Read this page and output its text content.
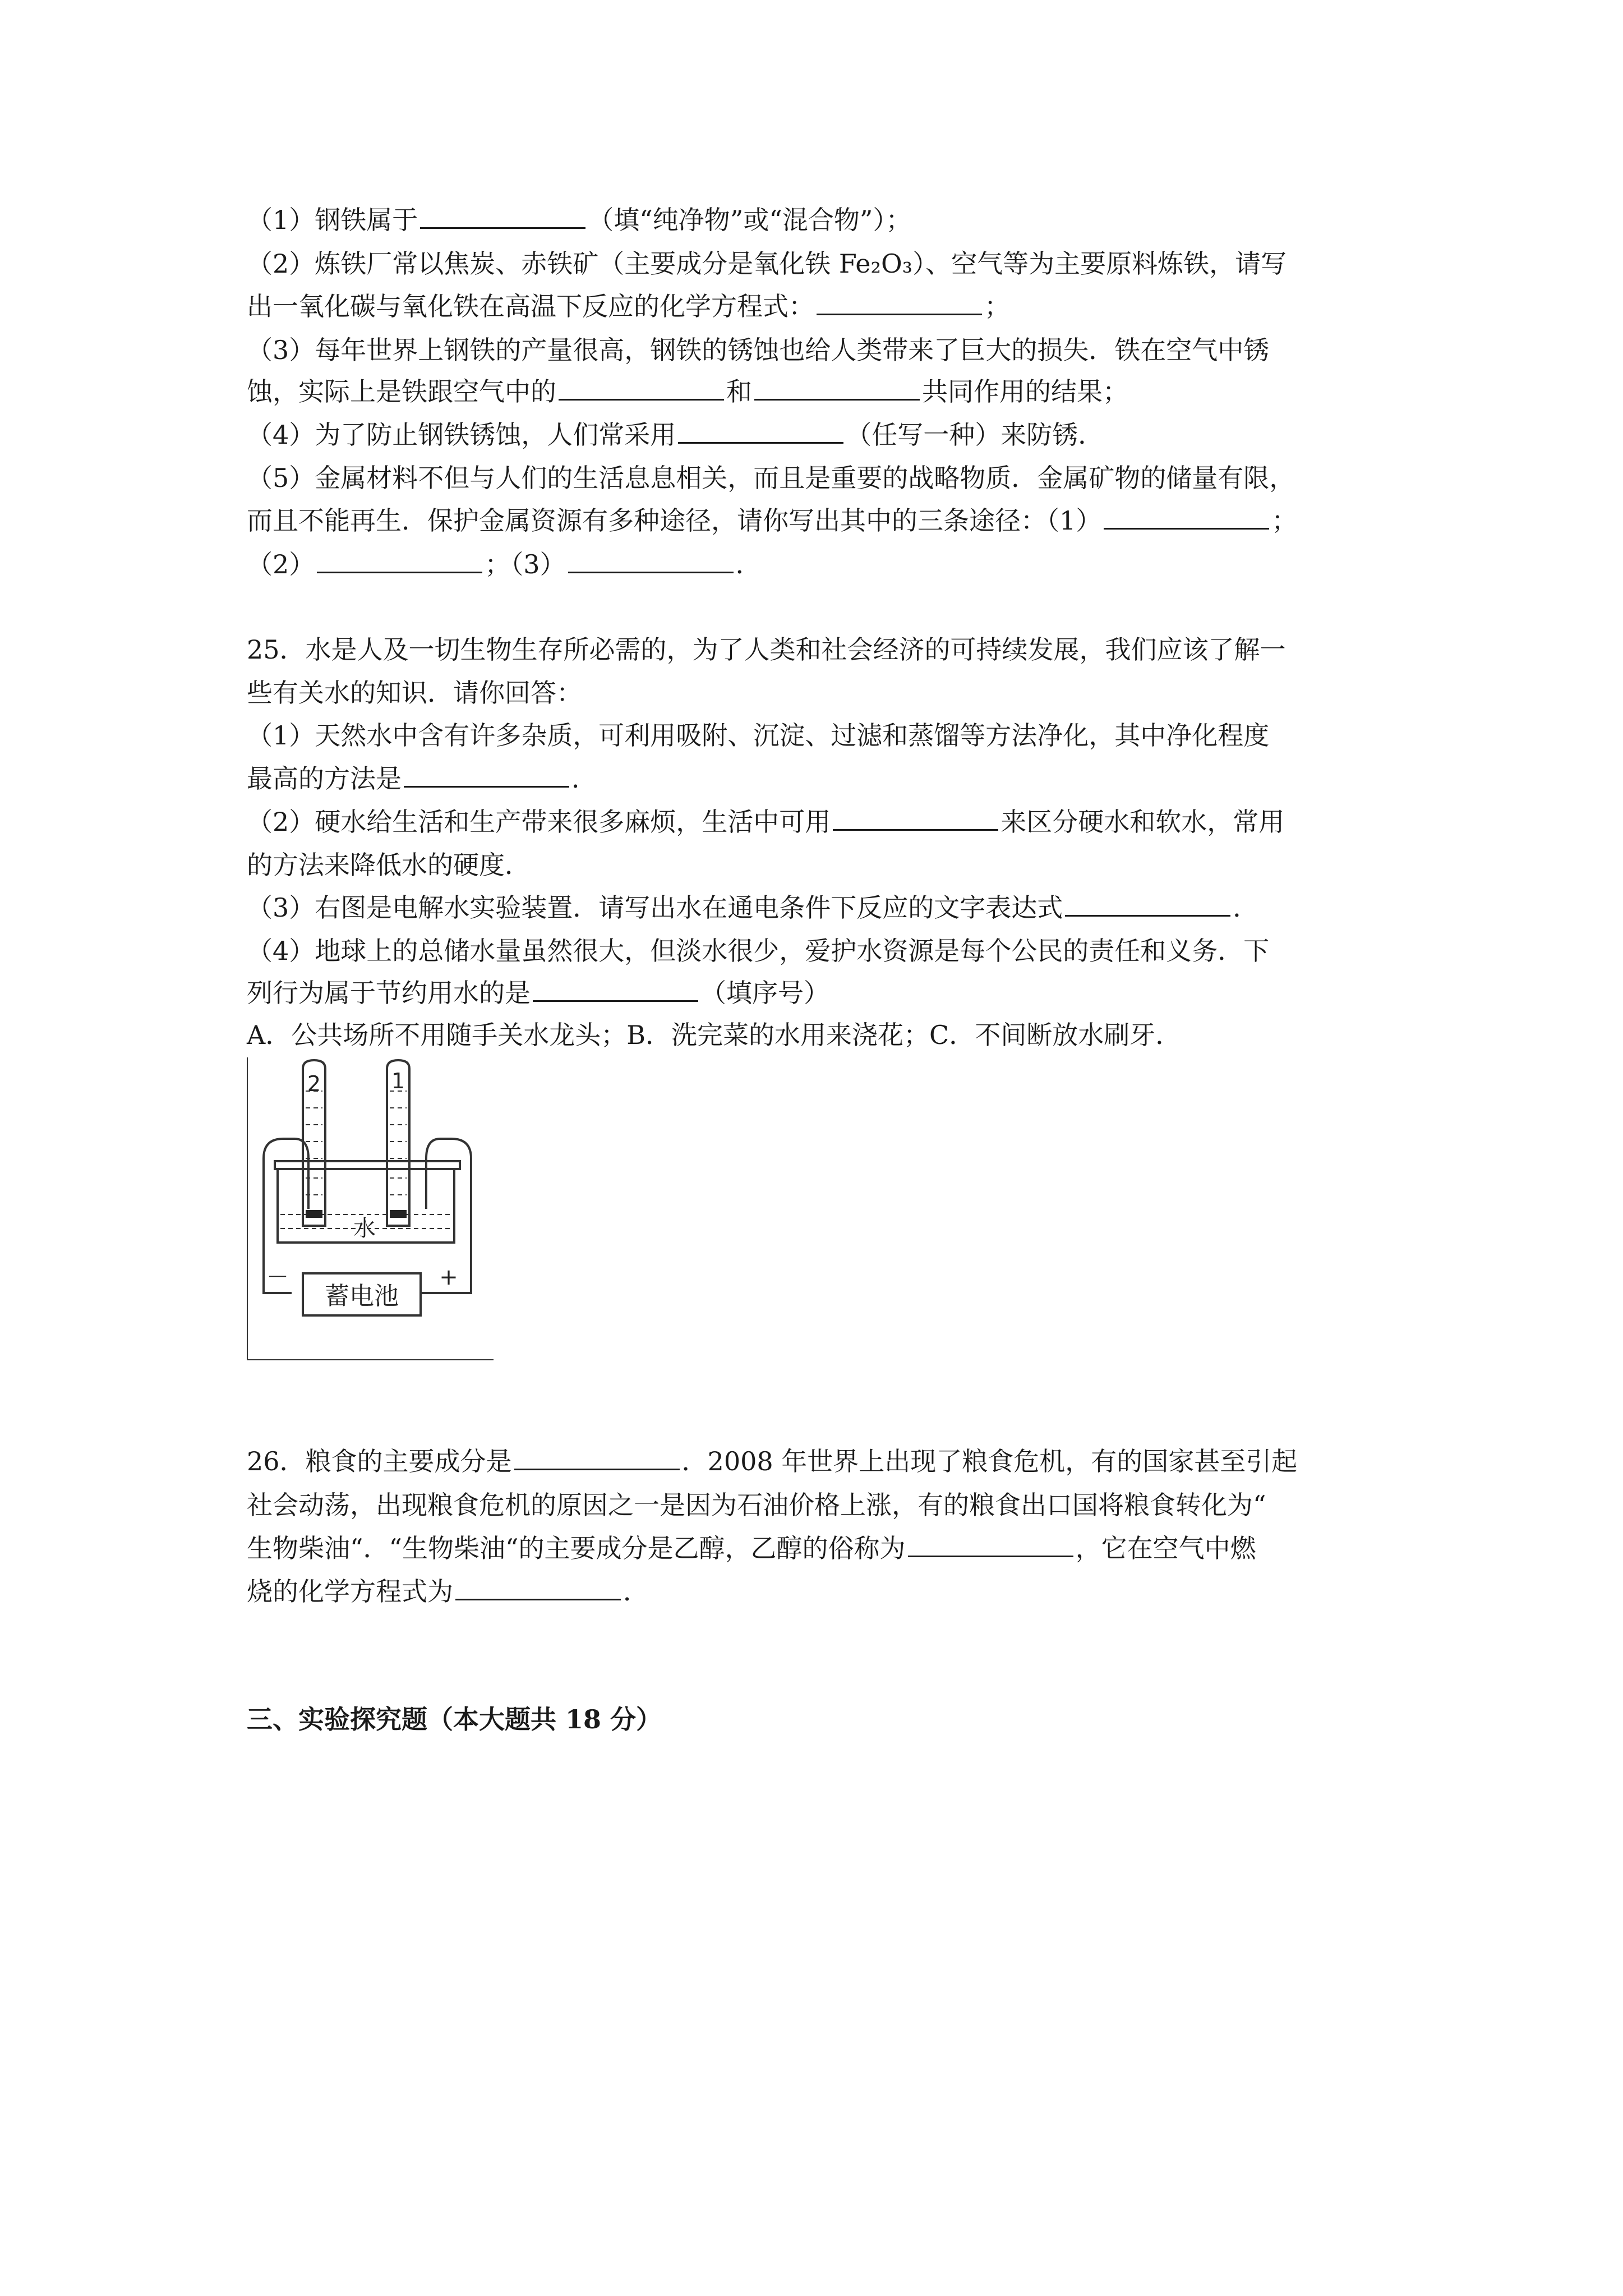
（1）钢铁属于	（填“纯净物”或“混合物”）；
（2）炼铁厂常以焦炭、赤铁矿（主要成分是氧化铁 Fe₂O₃）、空气等为主要原料炼铁，请写
出一氧化碳与氧化铁在高温下反应的化学方程式：	；
（3）每年世界上钢铁的产量很高，钢铁的锈蚀也给人类带来了巨大的损失．铁在空气中锈
蚀，实际上是铁跟空气中的	和	共同作用的结果；
（4）为了防止钢铁锈蚀，人们常采用	（任写一种）来防锈．
（5）金属材料不但与人们的生活息息相关，而且是重要的战略物质．金属矿物的储量有限，
而且不能再生．保护金属资源有多种途径，请你写出其中的三条途径：（1）	；
（2）	；（3）	．
25．水是人及一切生物生存所必需的，为了人类和社会经济的可持续发展，我们应该了解一
些有关水的知识．请你回答：
（1）天然水中含有许多杂质，可利用吸附、沉淀、过滤和蒸馏等方法净化，其中净化程度
最高的方法是	．
（2）硬水给生活和生产带来很多麻烦，生活中可用	来区分硬水和软水，常用
的方法来降低水的硬度．
（3）右图是电解水实验装置．请写出水在通电条件下反应的文字表达式	．
（4）地球上的总储水量虽然很大，但淡水很少，爱护水资源是每个公民的责任和义务．下
列行为属于节约用水的是	（填序号）
A．公共场所不用随手关水龙头；B．洗完菜的水用来浇花；C．不间断放水刷牙．
2	1
水
蓄电池
－	+
26．粮食的主要成分是	．2008 年世界上出现了粮食危机，有的国家甚至引起
社会动荡，出现粮食危机的原因之一是因为石油价格上涨，有的粮食出口国将粮食转化为“
生物柴油“．“生物柴油“的主要成分是乙醇，乙醇的俗称为	，它在空气中燃
烧的化学方程式为	．
三、实验探究题（本大题共 18 分）
